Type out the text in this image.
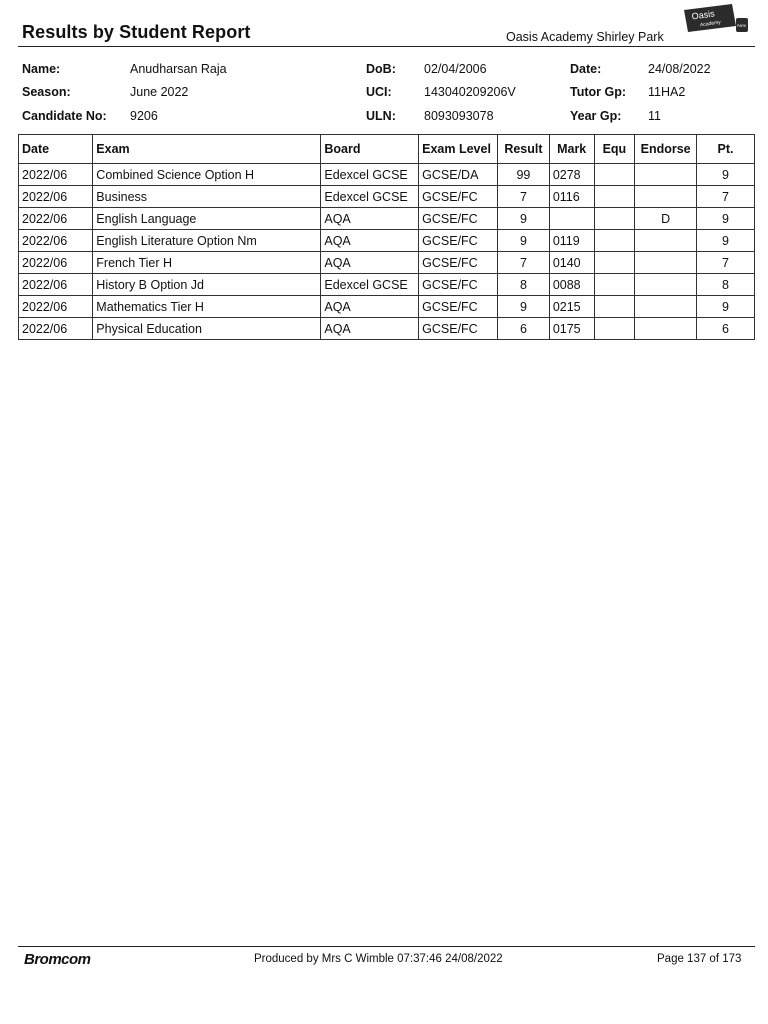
Results by Student Report	Oasis Academy Shirley Park
Oasis
Academy	PARK
Name:	Anudharsan Raja
Season:	June 2022
Candidate No: 9206
DoB: 02/04/2006
UCI:	143040209206V
ULN: 8093093078
Date:	24/08/2022
Tutor Gp: 11HA2
Year Gp: 11
Date	Exam	Board	Exam Level	Result	Mark	Equ	Endorse	Pt.
2022/06	Combined Science Option H	Edexcel GCSE	GCSE/DA	99	0278			9
2022/06	Business	Edexcel GCSE	GCSE/FC	7	0116			7
2022/06	English Language	AQA	GCSE/FC	9			D	9
2022/06	English Literature Option Nm	AQA	GCSE/FC	9	0119			9
2022/06	French Tier H	AQA	GCSE/FC	7	0140			7
2022/06	History B Option Jd	Edexcel GCSE	GCSE/FC	8	0088			8
2022/06	Mathematics Tier H	AQA	GCSE/FC	9	0215			9
2022/06	Physical Education	AQA	GCSE/FC	6	0175			6
Bromcom	Produced by Mrs C Wimble 07:37:46 24/08/2022	Page 137 of 173
